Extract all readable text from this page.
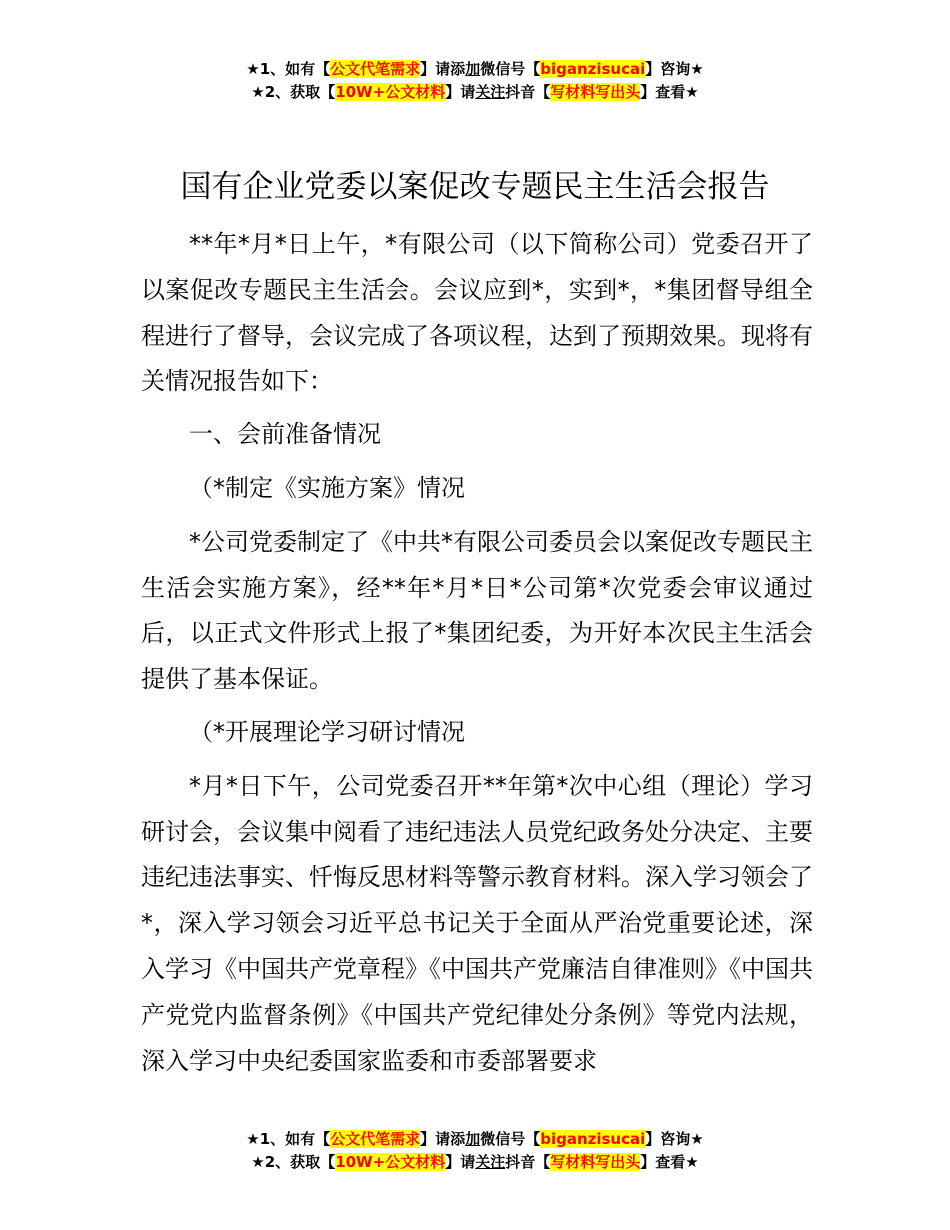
★1、如有【公文代笔需求】请添加微信号【biganzisucai】咨询★
★2、获取【10W+公文材料】请关注抖音【写材料写出头】查看★
国有企业党委以案促改专题民主生活会报告

**年*月*日上午，*有限公司（以下简称公司）党委召开了以案促改专题民主生活会。会议应到*，实到*，*集团督导组全程进行了督导，会议完成了各项议程，达到了预期效果。现将有关情况报告如下：

一、会前准备情况

（*制定《实施方案》情况

*公司党委制定了《中共*有限公司委员会以案促改专题民主生活会实施方案》，经**年*月*日*公司第*次党委会审议通过后，以正式文件形式上报了*集团纪委，为开好本次民主生活会提供了基本保证。

（*开展理论学习研讨情况

*月*日下午，公司党委召开**年第*次中心组（理论）学习研讨会，会议集中阅看了违纪违法人员党纪政务处分决定、主要违纪违法事实、忏悔反思材料等警示教育材料。深入学习领会了*，深入学习领会习近平总书记关于全面从严治党重要论述，深入学习《中国共产党章程》《中国共产党廉洁自律准则》《中国共产党党内监督条例》《中国共产党纪律处分条例》等党内法规，深入学习中央纪委国家监委和市委部署要求

★1、如有【公文代笔需求】请添加微信号【biganzisucai】咨询★
★2、获取【10W+公文材料】请关注抖音【写材料写出头】查看★
